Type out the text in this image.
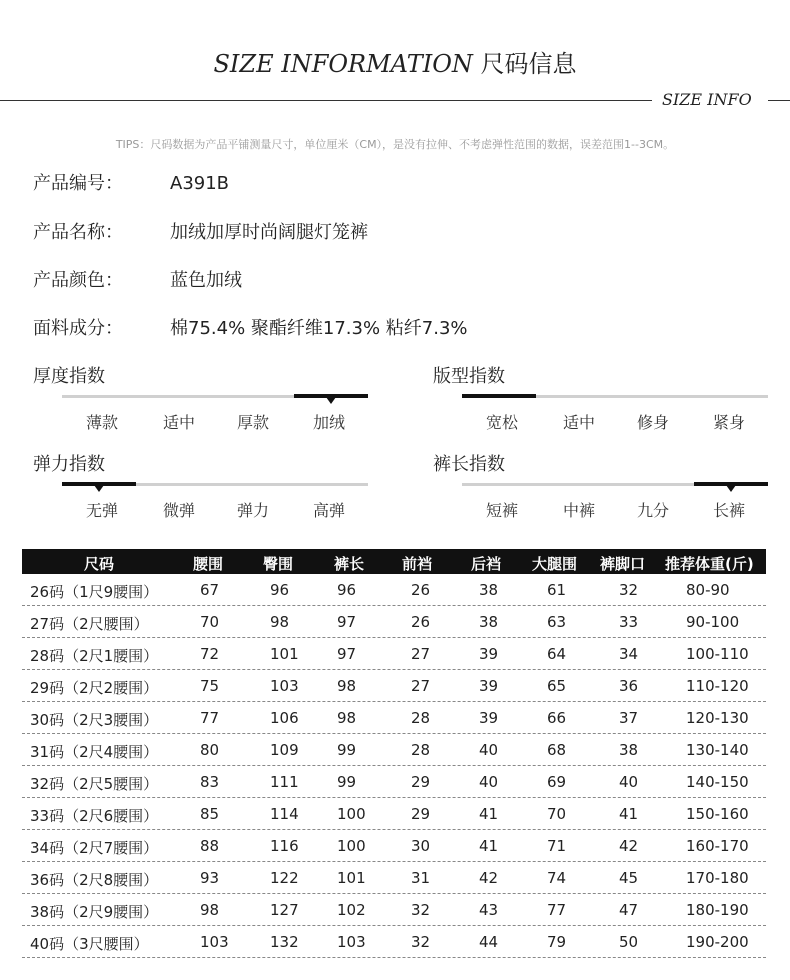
SIZE INFORMATION 尺码信息
SIZE INFO
TIPS：尺码数据为产品平铺测量尺寸，单位厘米（CM），是没有拉伸、不考虑弹性范围的数据，误差范围1--3CM。
产品编号：	A391B
产品名称：	加绒加厚时尚阔腿灯笼裤
产品颜色：	蓝色加绒
面料成分：	棉75.4% 聚酯纤维17.3% 粘纤7.3%
厚度指数
薄款	适中	厚款	加绒
版型指数
宽松	适中	修身	紧身
弹力指数
无弹	微弹	弹力	高弹
裤长指数
短裤	中裤	九分	长裤
尺码	腰围	臀围	裤长	前裆	后裆 大腿围 裤脚口 推荐体重(斤)
26码（1尺9腰围）	67	96	96	26	38	61	32	80-90
27码（2尺腰围）	70	98	97	26	38	63	33	90-100
28码（2尺1腰围）	72	101	97	27	39	64	34	100-110
29码（2尺2腰围）	75	103	98	27	39	65	36	110-120
30码（2尺3腰围）	77	106	98	28	39	66	37	120-130
31码（2尺4腰围）	80	109	99	28	40	68	38	130-140
32码（2尺5腰围）	83	111	99	29	40	69	40	140-150
33码（2尺6腰围）	85	114	100	29	41	70	41	150-160
34码（2尺7腰围）	88	116	100	30	41	71	42	160-170
36码（2尺8腰围）	93	122	101	31	42	74	45	170-180
38码（2尺9腰围）	98	127	102	32	43	77	47	180-190
40码（3尺腰围）	103	132	103	32	44	79	50	190-200
